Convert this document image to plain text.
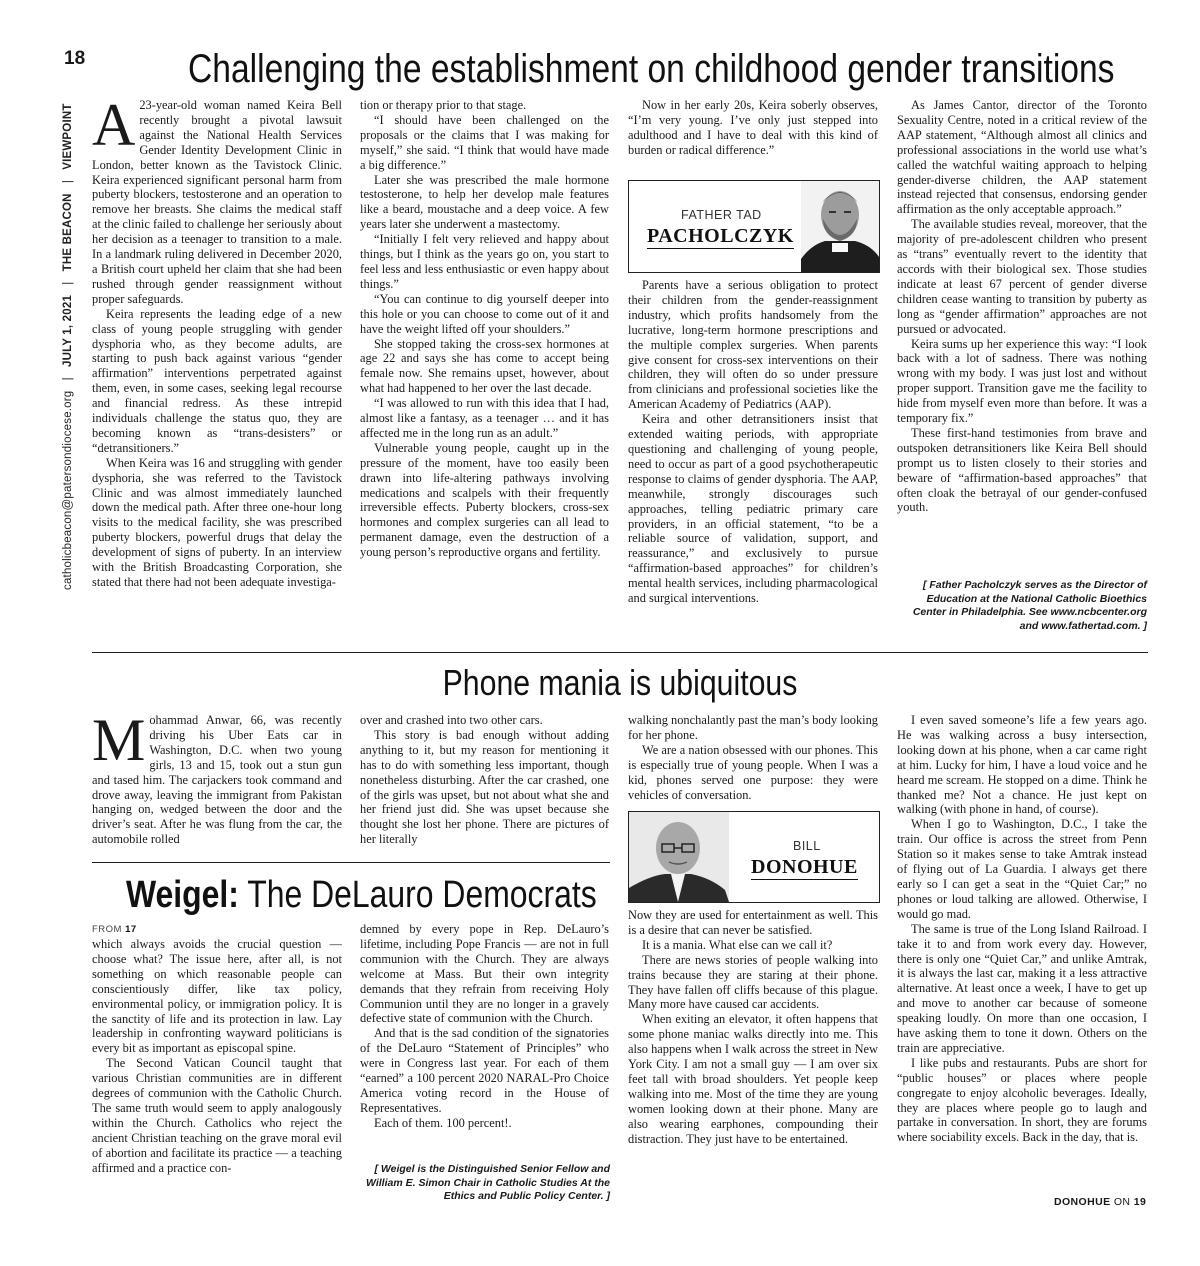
18
catholicbeacon@patersondiocese.org   |   JULY 1, 2021   |   THE BEACON   |   VIEWPOINT
Challenging the establishment on childhood gender transitions
A 23-year-old woman named Keira Bell recently brought a pivotal lawsuit against the National Health Services Gender Identity Development Clinic in London, better known as the Tavistock Clinic. Keira experienced significant personal harm from puberty blockers, testosterone and an operation to remove her breasts. She claims the medical staff at the clinic failed to challenge her seriously about her decision as a teenager to transition to a male. In a landmark ruling delivered in December 2020, a British court upheld her claim that she had been rushed through gender reassignment without proper safeguards.

Keira represents the leading edge of a new class of young people struggling with gender dysphoria who, as they become adults, are starting to push back against various “gender affirmation” interventions perpetrated against them, even, in some cases, seeking legal recourse and financial redress. As these intrepid individuals challenge the status quo, they are becoming known as “trans-desisters” or “detransitioners.”

When Keira was 16 and struggling with gender dysphoria, she was referred to the Tavistock Clinic and was almost immediately launched down the medical path. After three one-hour long visits to the medical facility, she was prescribed puberty blockers, powerful drugs that delay the development of signs of puberty. In an interview with the British Broadcasting Corporation, she stated that there had not been adequate investiga-

tion or therapy prior to that stage.

“I should have been challenged on the proposals or the claims that I was making for myself,” she said. “I think that would have made a big difference.”

Later she was prescribed the male hormone testosterone, to help her develop male features like a beard, moustache and a deep voice. A few years later she underwent a mastectomy.

“Initially I felt very relieved and happy about things, but I think as the years go on, you start to feel less and less enthusiastic or even happy about things.”

“You can continue to dig yourself deeper into this hole or you can choose to come out of it and have the weight lifted off your shoulders.”

She stopped taking the cross-sex hormones at age 22 and says she has come to accept being female now. She remains upset, however, about what had happened to her over the last decade.

“I was allowed to run with this idea that I had, almost like a fantasy, as a teenager … and it has affected me in the long run as an adult.”

Vulnerable young people, caught up in the pressure of the moment, have too easily been drawn into life-altering pathways involving medications and scalpels with their frequently irreversible effects. Puberty blockers, cross-sex hormones and complex surgeries can all lead to permanent damage, even the destruction of a young person’s reproductive organs and fertility.

Now in her early 20s, Keira soberly observes, “I’m very young. I’ve only just stepped into adulthood and I have to deal with this kind of burden or radical difference.”

FATHER TAD
PACHOLCZYK

Parents have a serious obligation to protect their children from the gender-reassignment industry, which profits handsomely from the lucrative, long-term hormone prescriptions and the multiple complex surgeries. When parents give consent for cross-sex interventions on their children, they will often do so under pressure from clinicians and professional societies like the American Academy of Pediatrics (AAP).

Keira and other detransitioners insist that extended waiting periods, with appropriate questioning and challenging of young people, need to occur as part of a good psychotherapeutic response to claims of gender dysphoria. The AAP, meanwhile, strongly discourages such approaches, telling pediatric primary care providers, in an official statement, “to be a reliable source of validation, support, and reassurance,” and exclusively to pursue “affirmation-based approaches” for children’s mental health services, including pharmacological and surgical interventions.

As James Cantor, director of the Toronto Sexuality Centre, noted in a critical review of the AAP statement, “Although almost all clinics and professional associations in the world use what’s called the watchful waiting approach to helping gender-diverse children, the AAP statement instead rejected that consensus, endorsing gender affirmation as the only acceptable approach.”

The available studies reveal, moreover, that the majority of pre-adolescent children who present as “trans” eventually revert to the identity that accords with their biological sex. Those studies indicate at least 67 percent of gender diverse children cease wanting to transition by puberty as long as “gender affirmation” approaches are not pursued or advocated.

Keira sums up her experience this way: “I look back with a lot of sadness. There was nothing wrong with my body. I was just lost and without proper support. Transition gave me the facility to hide from myself even more than before. It was a temporary fix.”

These first-hand testimonies from brave and outspoken detransitioners like Keira Bell should prompt us to listen closely to their stories and beware of “affirmation-based approaches” that often cloak the betrayal of our gender-confused youth.

[ Father Pacholczyk serves as the Director of Education at the National Catholic Bioethics Center in Philadelphia. See www.ncbcenter.org and www.fathertad.com. ]
Phone mania is ubiquitous
M ohammad Anwar, 66, was recently driving his Uber Eats car in Washington, D.C. when two young girls, 13 and 15, took out a stun gun and tased him. The carjackers took command and drove away, leaving the immigrant from Pakistan hanging on, wedged between the door and the driver’s seat. After he was flung from the car, the automobile rolled

over and crashed into two other cars.

This story is bad enough without adding anything to it, but my reason for mentioning it has to do with something less important, though nonetheless disturbing. After the car crashed, one of the girls was upset, but not about what she and her friend just did. She was upset because she thought she lost her phone. There are pictures of her literally

walking nonchalantly past the man’s body looking for her phone.

We are a nation obsessed with our phones. This is especially true of young people. When I was a kid, phones served one purpose: they were vehicles of conversation.

BILL
DONOHUE

Now they are used for entertainment as well. This is a desire that can never be satisfied.

It is a mania. What else can we call it?

There are news stories of people walking into trains because they are staring at their phone. They have fallen off cliffs because of this plague. Many more have caused car accidents.

When exiting an elevator, it often happens that some phone maniac walks directly into me. This also happens when I walk across the street in New York City. I am not a small guy — I am over six feet tall with broad shoulders. Yet people keep walking into me. Most of the time they are young women looking down at their phone. Many are also wearing earphones, compounding their distraction. They just have to be entertained.

I even saved someone’s life a few years ago. He was walking across a busy intersection, looking down at his phone, when a car came right at him. Lucky for him, I have a loud voice and he heard me scream. He stopped on a dime. Think he thanked me? Not a chance. He just kept on walking (with phone in hand, of course).

When I go to Washington, D.C., I take the train. Our office is across the street from Penn Station so it makes sense to take Amtrak instead of flying out of La Guardia. I always get there early so I can get a seat in the “Quiet Car;” no phones or loud talking are allowed. Otherwise, I would go mad.

The same is true of the Long Island Railroad. I take it to and from work every day. However, there is only one “Quiet Car,” and unlike Amtrak, it is always the last car, making it a less attractive alternative. At least once a week, I have to get up and move to another car because of someone speaking loudly. On more than one occasion, I have asking them to tone it down. Others on the train are appreciative.

I like pubs and restaurants. Pubs are short for “public houses” or places where people congregate to enjoy alcoholic beverages. Ideally, they are places where people go to laugh and partake in conversation. In short, they are forums where sociability excels. Back in the day, that is.

DONOHUE ON 19
Weigel: The DeLauro Democrats
FROM 17

which always avoids the crucial question — choose what? The issue here, after all, is not something on which reasonable people can conscientiously differ, like tax policy, environmental policy, or immigration policy. It is the sanctity of life and its protection in law. Lay leadership in confronting wayward politicians is every bit as important as episcopal spine.

The Second Vatican Council taught that various Christian communities are in different degrees of communion with the Catholic Church. The same truth would seem to apply analogously within the Church. Catholics who reject the ancient Christian teaching on the grave moral evil of abortion and facilitate its practice — a teaching affirmed and a practice con-

demned by every pope in Rep. DeLauro’s lifetime, including Pope Francis — are not in full communion with the Church. They are always welcome at Mass. But their own integrity demands that they refrain from receiving Holy Communion until they are no longer in a gravely defective state of communion with the Church.

And that is the sad condition of the signatories of the DeLauro “Statement of Principles” who were in Congress last year. For each of them “earned” a 100 percent 2020 NARAL-Pro Choice America voting record in the House of Representatives.

Each of them. 100 percent!.

[ Weigel is the Distinguished Senior Fellow and William E. Simon Chair in Catholic Studies At the Ethics and Public Policy Center. ]
